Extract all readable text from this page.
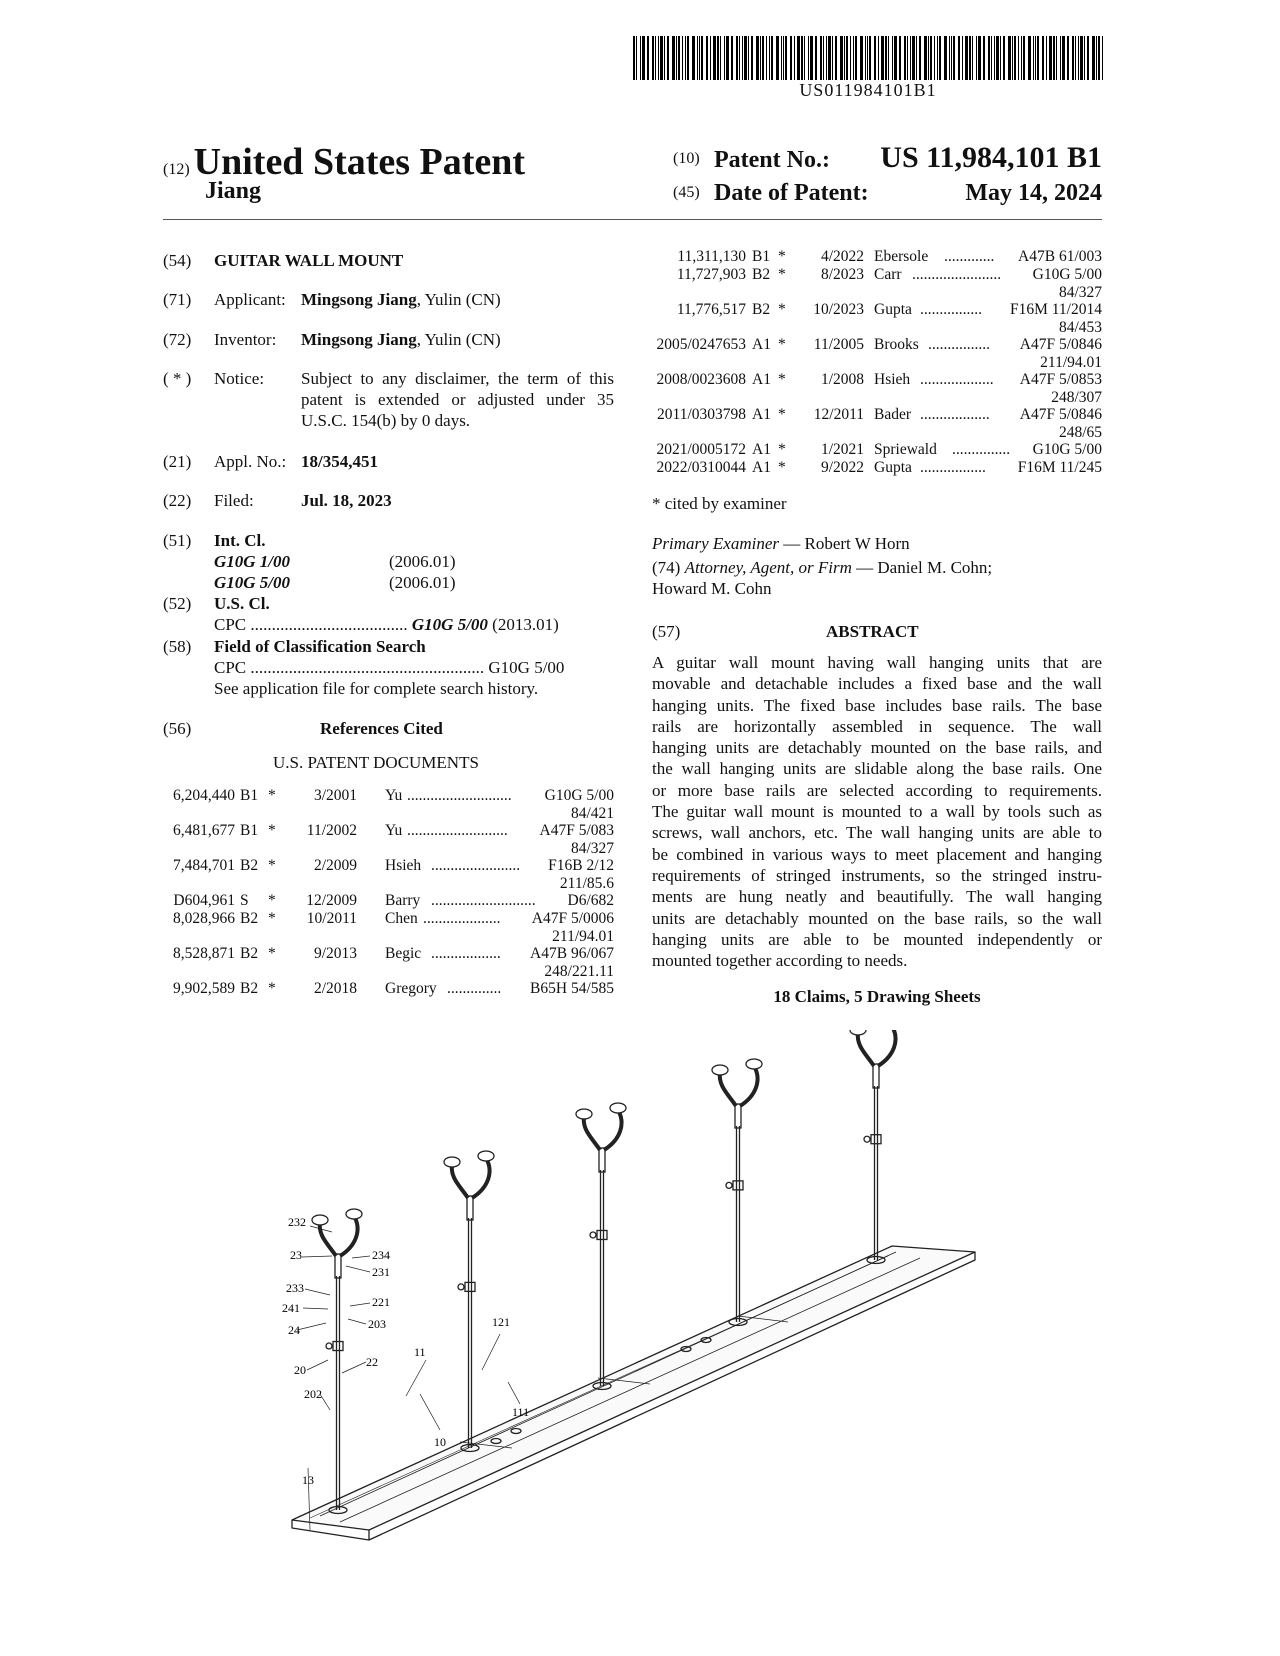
US011984101B1
(12) United States Patent
Jiang
(10) Patent No.:	US 11,984,101 B1
(45) Date of Patent:	May 14, 2024
(54) GUITAR WALL MOUNT
(71) Applicant: Mingsong Jiang, Yulin (CN)
(72) Inventor: Mingsong Jiang, Yulin (CN)
( * ) Notice: Subject to any disclaimer, the term of this
patent is extended or adjusted under 35
U.S.C. 154(b) by 0 days.
(21) Appl. No.: 18/354,451
(22) Filed:	Jul. 18, 2023
(51) Int. Cl.
G10G 1/00	(2006.01)
G10G 5/00	(2006.01)
(52) U.S. Cl.
CPC ..................................... G10G 5/00 (2013.01)
(58) Field of Classification Search
CPC ....................................................... G10G 5/00
See application file for complete search history.
(56)	References Cited
U.S. PATENT DOCUMENTS
6,204,440 B1 *	3/2001 Yu ........................... G10G 5/00
84/421
6,481,677 B1 *	11/2002 Yu .......................... A47F 5/083
84/327
7,484,701 B2 *	2/2009 Hsieh ....................... F16B 2/12
211/85.6
D604,961 S *	12/2009 Barry ........................... D6/682
8,028,966 B2 *	10/2011 Chen .................... A47F 5/0006
211/94.01
8,528,871 B2 *	9/2013 Begic .................. A47B 96/067
248/221.11
9,902,589 B2 *	2/2018 Gregory .............. B65H 54/585
11,311,130 B1 *	4/2022 Ebersole ............. A47B 61/003
11,727,903 B2 *	8/2023 Carr ....................... G10G 5/00
84/327
11,776,517 B2 *	10/2023 Gupta ................ F16M 11/2014
84/453
2005/0247653 A1 *	11/2005 Brooks ................ A47F 5/0846
211/94.01
2008/0023608 A1 *	1/2008 Hsieh ................... A47F 5/0853
248/307
2011/0303798 A1 *	12/2011 Bader .................. A47F 5/0846
248/65
2021/0005172 A1 *	1/2021 Spriewald ............... G10G 5/00
2022/0310044 A1 *	9/2022 Gupta ................. F16M 11/245
* cited by examiner
Primary Examiner — Robert W Horn
(74) Attorney, Agent, or Firm — Daniel M. Cohn;
Howard M. Cohn
(57)	ABSTRACT
A guitar wall mount having wall hanging units that are
movable and detachable includes a fixed base and the wall
hanging units. The fixed base includes base rails. The base
rails are horizontally assembled in sequence. The wall
hanging units are detachably mounted on the base rails, and
the wall hanging units are slidable along the base rails. One
or more base rails are selected according to requirements.
The guitar wall mount is mounted to a wall by tools such as
screws, wall anchors, etc. The wall hanging units are able to
be combined in various ways to meet placement and hanging
requirements of stringed instruments, so the stringed instru-
ments are hung neatly and beautifully. The wall hanging
units are detachably mounted on the base rails, so the wall
hanging units are able to be mounted independently or
mounted together according to needs.
18 Claims, 5 Drawing Sheets
232
23	234
231
233
241	221
24	203
20
22
202
13
10
11
121
111
